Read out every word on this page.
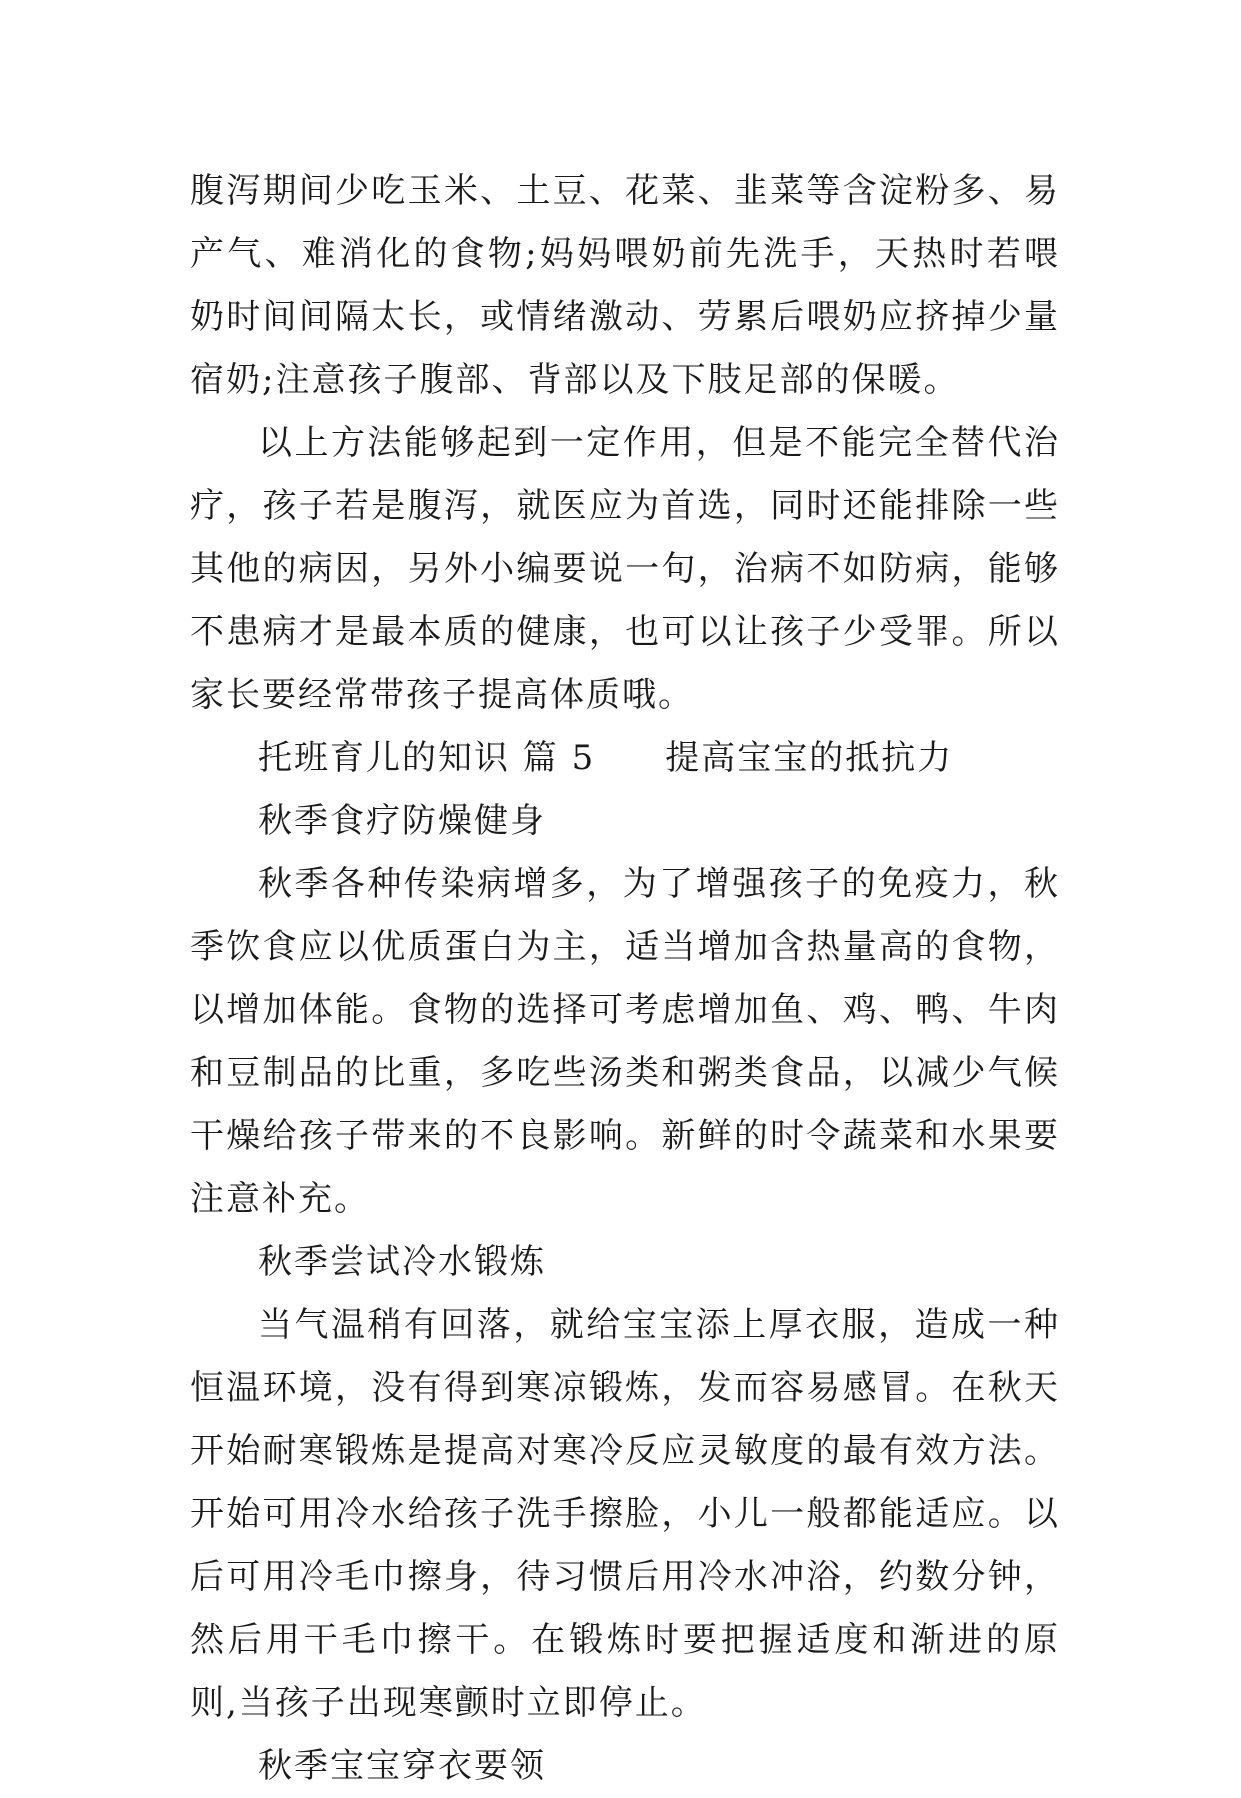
腹泻期间少吃玉米、土豆、花菜、韭菜等含淀粉多、易产气、难消化的食物;妈妈喂奶前先洗手，天热时若喂奶时间间隔太长，或情绪激动、劳累后喂奶应挤掉少量宿奶;注意孩子腹部、背部以及下肢足部的保暖。

以上方法能够起到一定作用，但是不能完全替代治疗，孩子若是腹泻，就医应为首选，同时还能排除一些其他的病因，另外小编要说一句，治病不如防病，能够不患病才是最本质的健康，也可以让孩子少受罪。所以家长要经常带孩子提高体质哦。

托班育儿的知识 篇 5 提高宝宝的抵抗力

秋季食疗防燥健身

秋季各种传染病增多，为了增强孩子的免疫力，秋季饮食应以优质蛋白为主，适当增加含热量高的食物，以增加体能。食物的选择可考虑增加鱼、鸡、鸭、牛肉和豆制品的比重，多吃些汤类和粥类食品，以减少气候干燥给孩子带来的不良影响。新鲜的时令蔬菜和水果要注意补充。

秋季尝试冷水锻炼

当气温稍有回落，就给宝宝添上厚衣服，造成一种恒温环境，没有得到寒凉锻炼，发而容易感冒。在秋天开始耐寒锻炼是提高对寒冷反应灵敏度的最有效方法。开始可用冷水给孩子洗手擦脸，小儿一般都能适应。以后可用冷毛巾擦身，待习惯后用冷水冲浴，约数分钟，然后用干毛巾擦干。在锻炼时要把握适度和渐进的原则,当孩子出现寒颤时立即停止。

秋季宝宝穿衣要领
